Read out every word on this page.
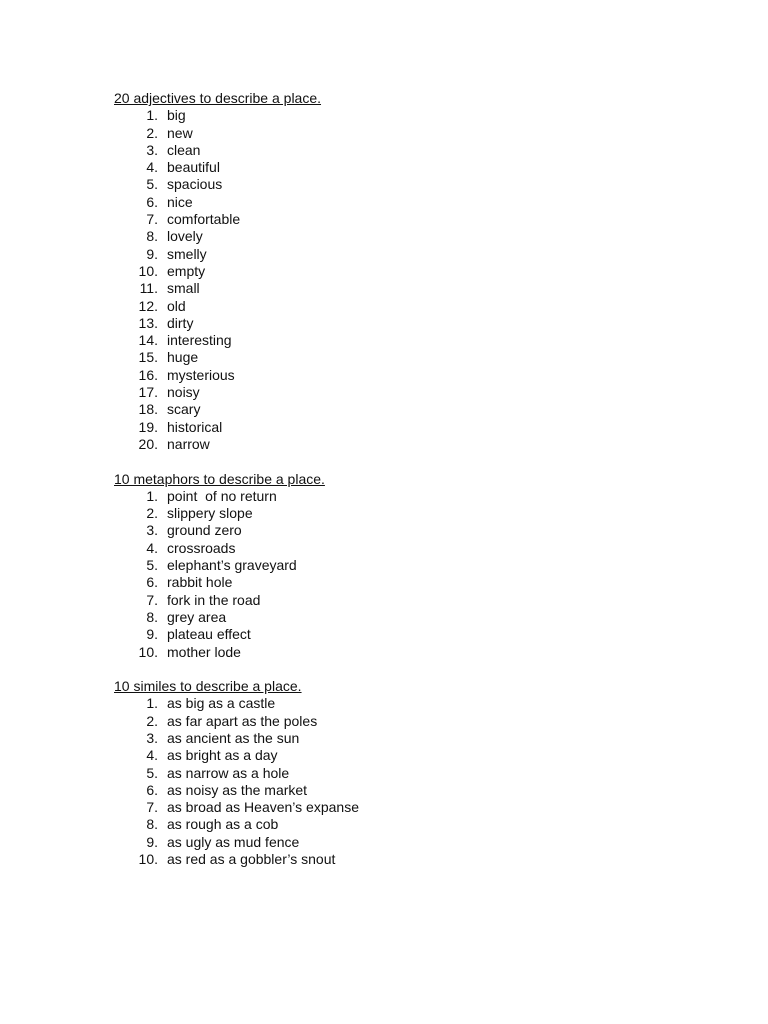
20 adjectives to describe a place.
1. big
2. new
3. clean
4. beautiful
5. spacious
6. nice
7. comfortable
8. lovely
9. smelly
10. empty
11. small
12. old
13. dirty
14. interesting
15. huge
16. mysterious
17. noisy
18. scary
19. historical
20. narrow
10 metaphors to describe a place.
1. point  of no return
2. slippery slope
3. ground zero
4. crossroads
5. elephant’s graveyard
6. rabbit hole
7. fork in the road
8. grey area
9. plateau effect
10. mother lode
10 similes to describe a place.
1. as big as a castle
2. as far apart as the poles
3. as ancient as the sun
4. as bright as a day
5. as narrow as a hole
6. as noisy as the market
7. as broad as Heaven’s expanse
8. as rough as a cob
9. as ugly as mud fence
10. as red as a gobbler’s snout
